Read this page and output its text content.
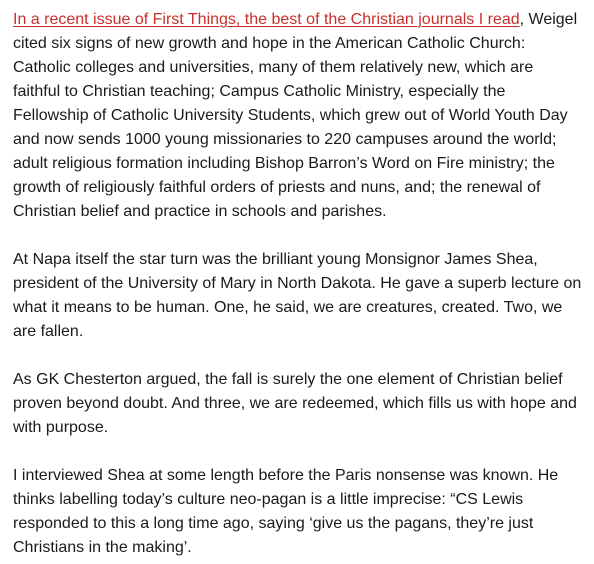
In a recent issue of First Things, the best of the Christian journals I read, Weigel cited six signs of new growth and hope in the American Catholic Church: Catholic colleges and universities, many of them relatively new, which are faithful to Christian teaching; Campus Catholic Ministry, especially the Fellowship of Catholic University Students, which grew out of World Youth Day and now sends 1000 young missionaries to 220 campuses around the world; adult religious formation including Bishop Barron’s Word on Fire ministry; the growth of religiously faithful orders of priests and nuns, and; the renewal of Christian belief and practice in schools and parishes.

At Napa itself the star turn was the brilliant young Monsignor James Shea, president of the University of Mary in North Dakota. He gave a superb lecture on what it means to be human. One, he said, we are creatures, created. Two, we are fallen.

As GK Chesterton argued, the fall is surely the one element of Christian belief proven beyond doubt. And three, we are redeemed, which fills us with hope and with purpose.

I interviewed Shea at some length before the Paris nonsense was known. He thinks labelling today’s culture neo-pagan is a little imprecise: “CS Lewis responded to this a long time ago, saying ‘give us the pagans, they’re just Christians in the making’.
